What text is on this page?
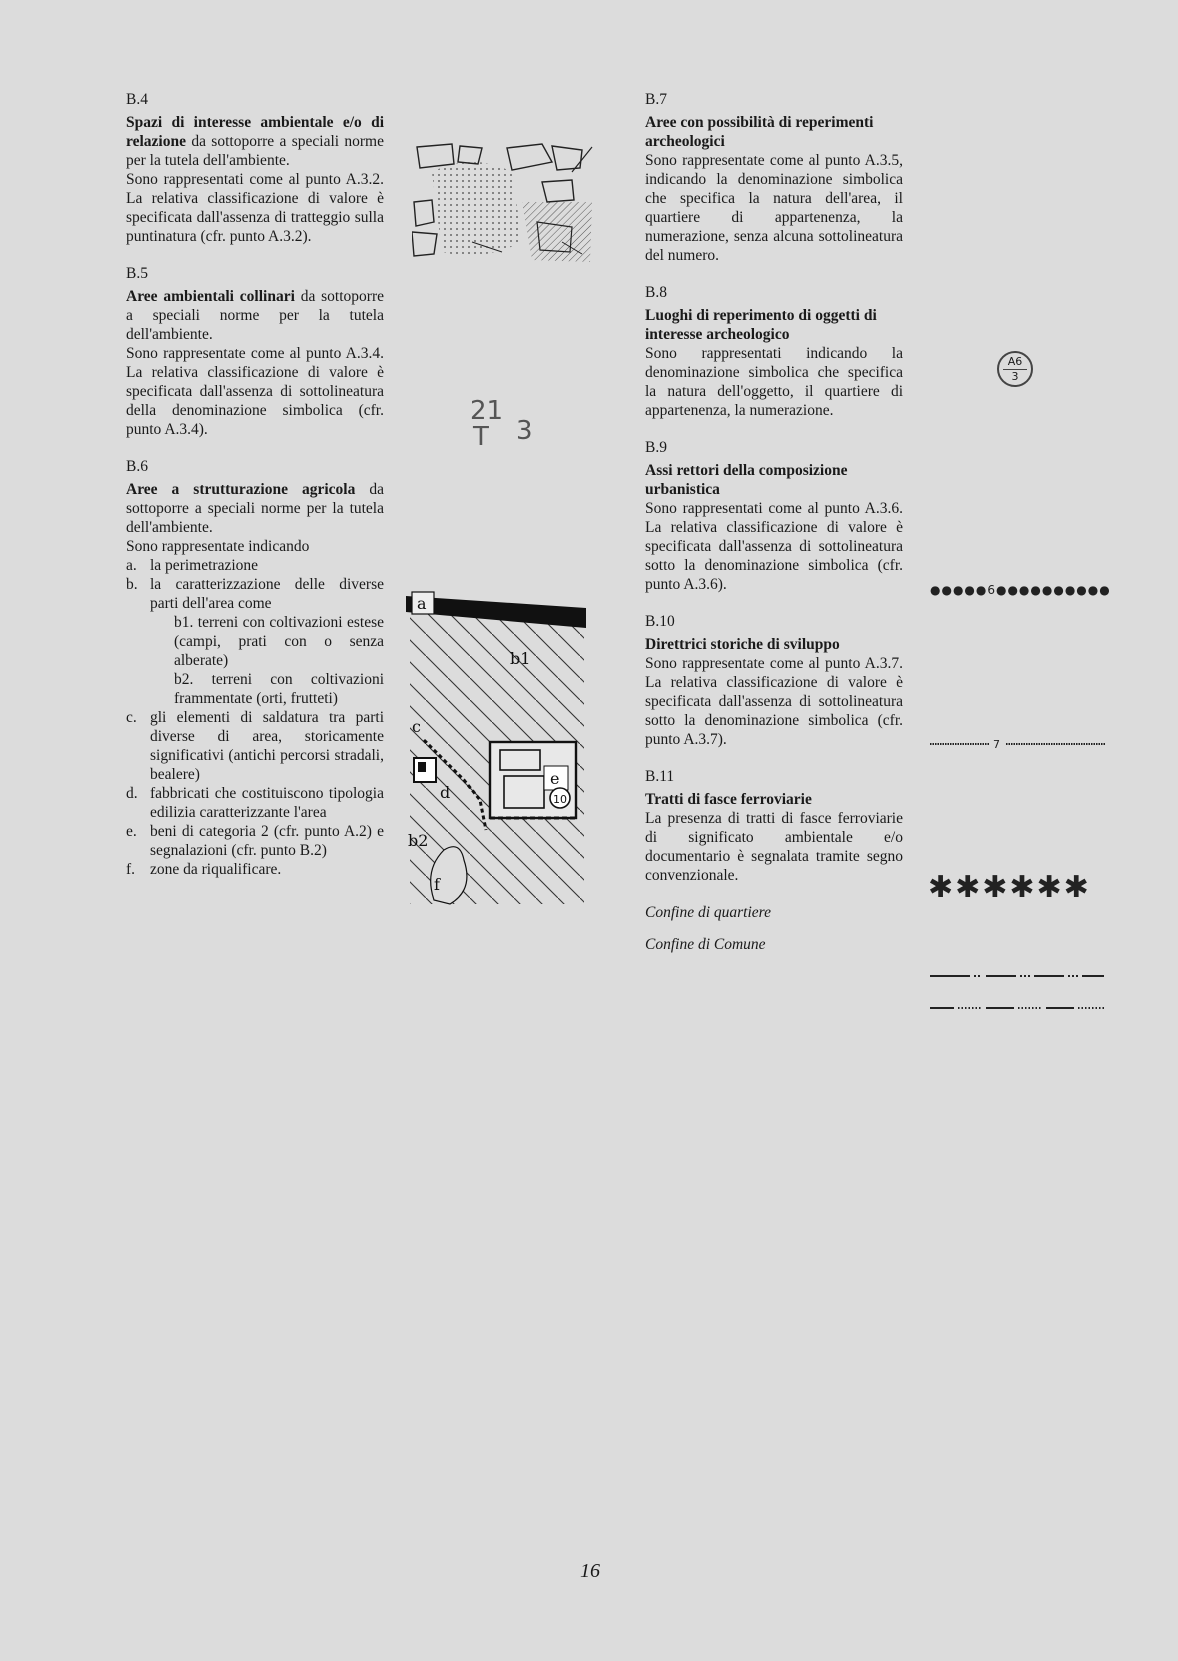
B.4
Spazi di interesse ambientale e/o di relazione da sottoporre a speciali norme per la tutela dell'ambiente.
Sono rappresentati come al punto A.3.2. La relativa classificazione di valore è specificata dall'assenza di tratteggio sulla puntinatura (cfr. punto A.3.2).
B.5
Aree ambientali collinari da sottoporre a speciali norme per la tutela dell'ambiente.
Sono rappresentate come al punto A.3.4. La relativa classificazione di valore è specificata dall'assenza di sottolineatura della denominazione simbolica (cfr. punto A.3.4).
B.6
Aree a strutturazione agricola da sottoporre a speciali norme per la tutela dell'ambiente.
Sono rappresentate indicando
a. la perimetrazione
b. la caratterizzazione delle diverse parti dell'area come
b1. terreni con coltivazioni estese (campi, prati con o senza alberate)
b2. terreni con coltivazioni frammentate (orti, frutteti)
c. gli elementi di saldatura tra parti diverse di area, storicamente significativi (antichi percorsi stradali, bealere)
d. fabbricati che costituiscono tipologia edilizia caratterizzante l'area
e. beni di categoria 2 (cfr. punto A.2) e segnalazioni (cfr. punto B.2)
f. zone da riqualificare.
21
T	3
a
b1
c
d
e
10
b2
f
B.7
Aree con possibilità di reperimenti archeologici
Sono rappresentate come al punto A.3.5, indicando la denominazione simbolica che specifica la natura dell'area, il quartiere di appartenenza, la numerazione, senza alcuna sottolineatura del numero.
B.8
Luoghi di reperimento di oggetti di interesse archeologico
Sono rappresentati indicando la denominazione simbolica che specifica la natura dell'oggetto, il quartiere di appartenenza, la numerazione.
B.9
Assi rettori della composizione urbanistica
Sono rappresentati come al punto A.3.6. La relativa classificazione di valore è specificata dall'assenza di sottolineatura sotto la denominazione simbolica (cfr. punto A.3.6).
B.10
Direttrici storiche di sviluppo
Sono rappresentate come al punto A.3.7. La relativa classificazione di valore è specificata dall'assenza di sottolineatura sotto la denominazione simbolica (cfr. punto A.3.7).
B.11
Tratti di fasce ferroviarie
La presenza di tratti di fasce ferroviarie di significato ambientale e/o documentario è segnalata tramite segno convenzionale.
Confine di quartiere
Confine di Comune
A6
3
●●●●●6●●●●●●●●●●
7
✱✱✱✱✱✱
16
